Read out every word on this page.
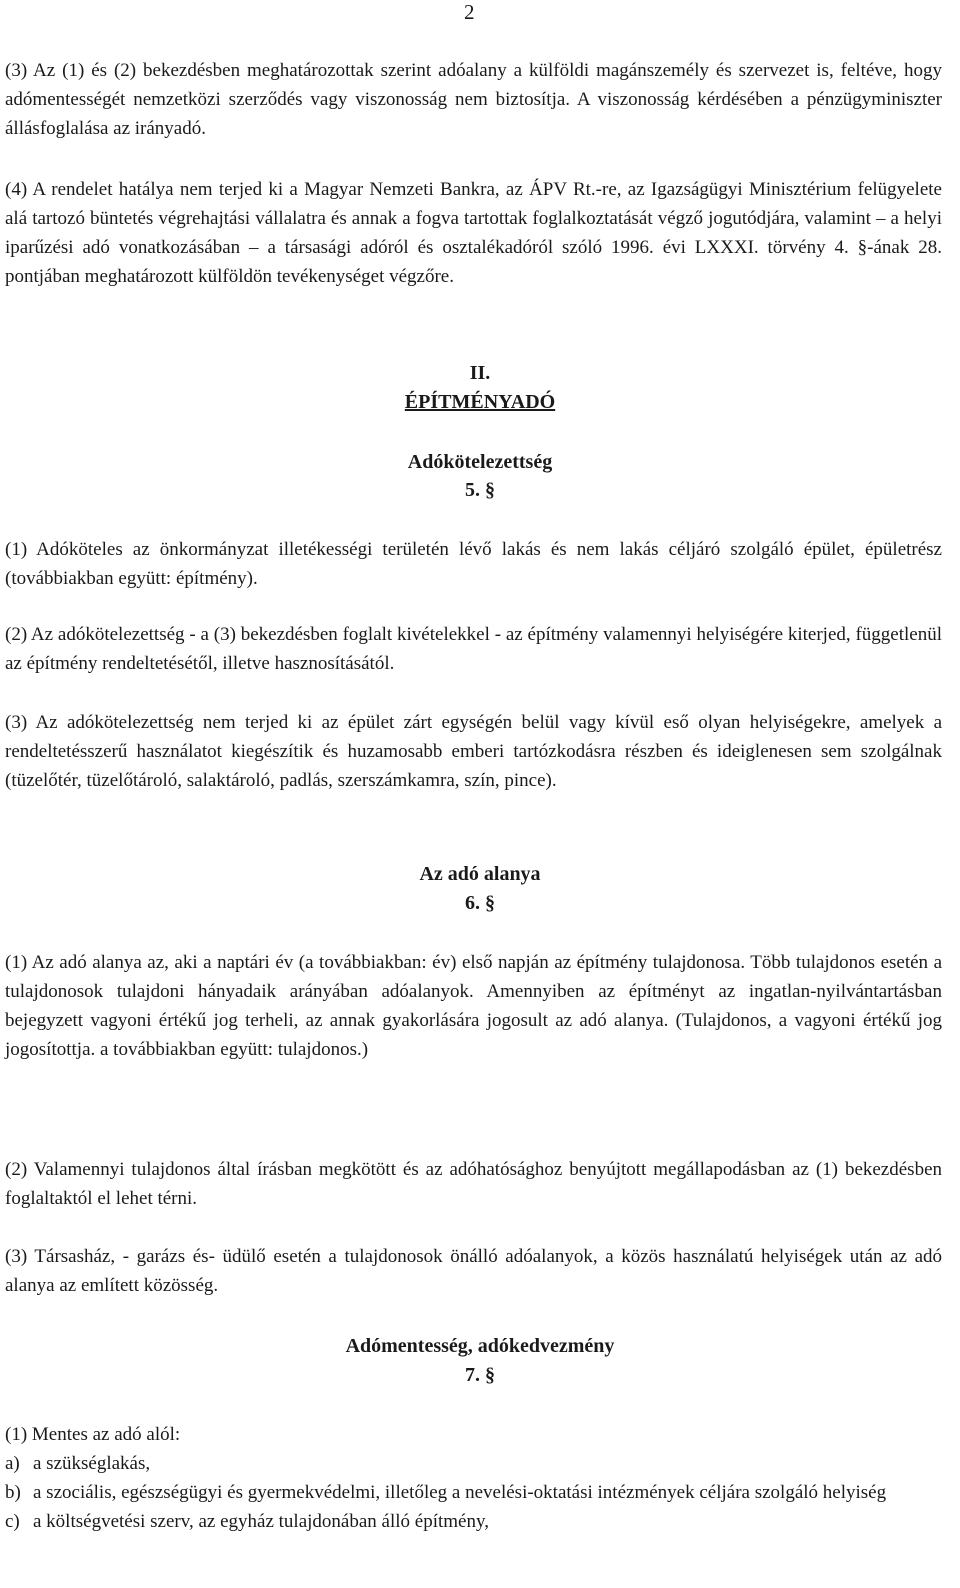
2

(3) Az (1) és (2) bekezdésben meghatározottak szerint adóalany a külföldi magánszemély és szervezet is, feltéve, hogy adómentességét nemzetközi szerződés vagy viszonosság nem biztosítja. A viszonosság kérdésében a pénzügyminiszter állásfoglalása az irányadó.

(4) A rendelet hatálya nem terjed ki a Magyar Nemzeti Bankra, az ÁPV Rt.-re, az Igazságügyi Minisztérium felügyelete alá tartozó büntetés végrehajtási vállalatra és annak a fogva tartottak foglalkoztatását végző jogutódjára, valamint – a helyi iparűzési adó vonatkozásában – a társasági adóról és osztalékadóról szóló 1996. évi LXXXI. törvény 4. §-ának 28. pontjában meghatározott külföldön tevékenységet végzőre.

II.
ÉPÍTMÉNYADÓ
Adókötelezettség
5. §

(1) Adóköteles az önkormányzat illetékességi területén lévő lakás és nem lakás céljáró szolgáló épület, épületrész (továbbiakban együtt: építmény).

(2) Az adókötelezettség - a (3) bekezdésben foglalt kivételekkel - az építmény valamennyi helyiségére kiterjed, függetlenül az építmény rendeltetésétől, illetve hasznosításától.

(3) Az adókötelezettség nem terjed ki az épület zárt egységén belül vagy kívül eső olyan helyiségekre, amelyek a rendeltetésszerű használatot kiegészítik és huzamosabb emberi tartózkodásra részben és ideiglenesen sem szolgálnak (tüzelőtér, tüzelőtároló, salaktároló, padlás, szerszámkamra, szín, pince).

Az adó alanya
6. §

(1) Az adó alanya az, aki a naptári év (a továbbiakban: év) első napján az építmény tulajdonosa. Több tulajdonos esetén a tulajdonosok tulajdoni hányadaik arányában adóalanyok. Amennyiben az építményt az ingatlan-nyilvántartásban bejegyzett vagyoni értékű jog terheli, az annak gyakorlására jogosult az adó alanya. (Tulajdonos, a vagyoni értékű jog jogosítottja. a továbbiakban együtt: tulajdonos.)

(2) Valamennyi tulajdonos által írásban megkötött és az adóhatósághoz benyújtott megállapodásban az (1) bekezdésben foglaltaktól el lehet térni.

(3) Társasház, - garázs és- üdülő esetén a tulajdonosok önálló adóalanyok, a közös használatú helyiségek után az adó alanya az említett közösség.

Adómentesség, adókedvezmény
7. §

(1) Mentes az adó alól:

a) a szükséglakás,
b) a szociális, egészségügyi és gyermekvédelmi, illetőleg a nevelési-oktatási intézmények céljára szolgáló helyiség
c) a költségvetési szerv, az egyház tulajdonában álló építmény,
